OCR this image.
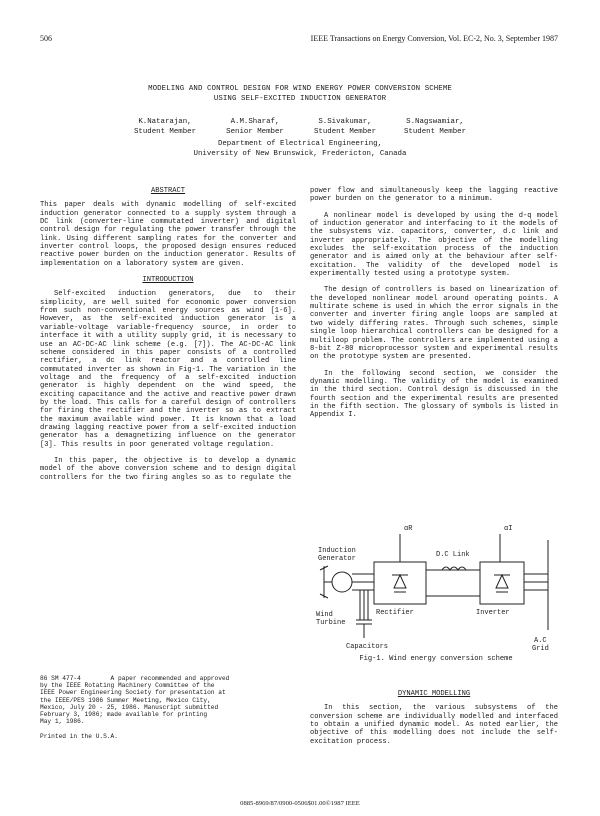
506	IEEE Transactions on Energy Conversion, Vol. EC-2, No. 3, September 1987
MODELING AND CONTROL DESIGN FOR WIND ENERGY POWER CONVERSION SCHEME
USING SELF-EXCITED INDUCTION GENERATOR
K.Natarajan,	A.M.Sharaf,	S.Sivakumar,	S.Nagswamiar,
Student Member	Senior Member	Student Member	Student Member
Department of Electrical Engineering,
University of New Brunswick, Fredericton, Canada
ABSTRACT

This paper deals with dynamic modelling of self-excited induction generator connected to a supply system through a DC link (converter-line commutated inverter) and digital control design for regulating the power transfer through the link. Using different sampling rates for the converter and inverter control loops, the proposed design ensures reduced reactive power burden on the induction generator. Results of implementation on a laboratory system are given.

INTRODUCTION

Self-excited induction generators, due to their simplicity, are well suited for economic power conversion from such non-conventional energy sources as wind [1-6]. However, as the self-excited induction generator is a variable-voltage variable-frequency source, in order to interface it with a utility supply grid, it is necessary to use an AC-DC-AC link scheme (e.g. [7]). The AC-DC-AC link scheme considered in this paper consists of a controlled rectifier, a dc link reactor and a controlled line commutated inverter as shown in Fig-1. The variation in the voltage and the frequency of a self-excited induction generator is highly dependent on the wind speed, the exciting capacitance and the active and reactive power drawn by the load. This calls for a careful design of controllers for firing the rectifier and the inverter so as to extract the maximum available wind power. It is known that a load drawing lagging reactive power from a self-excited induction generator has a demagnetizing influence on the generator [3]. This results in poor generated voltage regulation.

In this paper, the objective is to develop a dynamic model of the above conversion scheme and to design digital controllers for the two firing angles so as to regulate the

86 SM 477-4        A paper recommended and approved
by the IEEE Rotating Machinery Committee of the
IEEE Power Engineering Society for presentation at
the IEEE/PES 1986 Summer Meeting, Mexico City,
Mexico, July 20 - 25, 1986. Manuscript submitted
February 3, 1986; made available for printing
May 1, 1986.
Printed in the U.S.A.

power flow and simultaneously keep the lagging reactive power burden on the generator to a minimum.

A nonlinear model is developed by using the d-q model of induction generator and interfacing to it the models of the subsystems viz. capacitors, converter, d.c link and inverter appropriately. The objective of the modelling excludes the self-excitation process of the induction generator and is aimed only at the behaviour after self-excitation. The validity of the developed model is experimentally tested using a prototype system.

The design of controllers is based on linearization of the developed nonlinear model around operating points. A multirate scheme is used in which the error signals in the converter and inverter firing angle loops are sampled at two widely differing rates. Through such schemes, simple single loop hierarchical controllers can be designed for a multiloop problem. The controllers are implemented using a 8-bit Z-80 microprocessor system and experimental results on the prototype system are presented.

In the following second section, we consider the dynamic modelling. The validity of the model is examined in the third section. Control design is discussed in the fourth section and the experimental results are presented in the fifth section. The glossary of symbols is listed in Appendix I.

Induction
Generator
αR	αI
D.C Link
Rectifier	Inverter
Wind
Turbine
Capacitors
A.C
Grid
Fig-1. Wind energy conversion scheme
DYNAMIC MODELLING

In this section, the various subsystems of the conversion scheme are individually modelled and interfaced to obtain a unified dynamic model. As noted earlier, the objective of this modelling does not include the self-excitation process.

0885-8969/87/0900-0506$01.00©1987 IEEE
